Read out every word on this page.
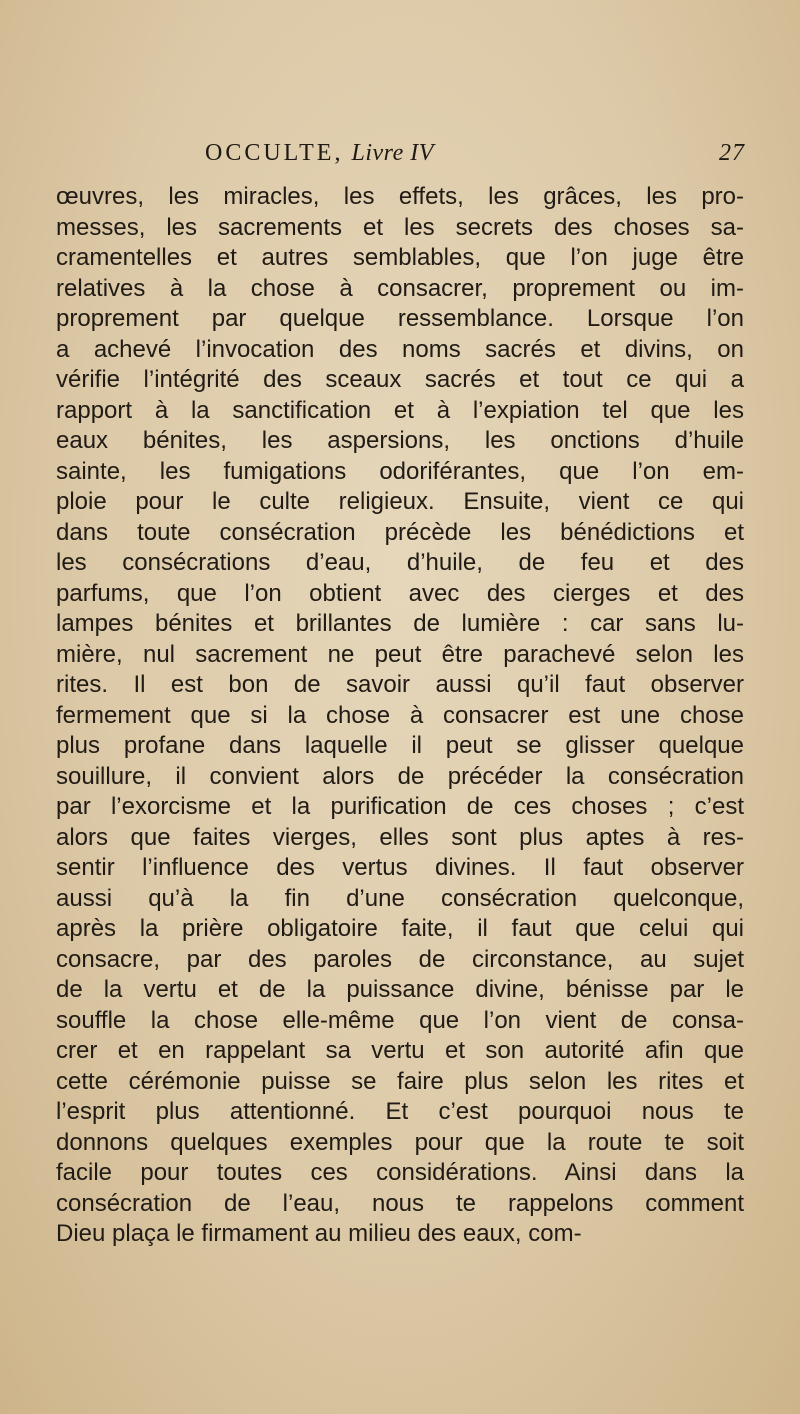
OCCULTE, Livre IV	27
œuvres, les miracles, les effets, les grâces, les pro-
messes, les sacrements et les secrets des choses sa-
cramentelles et autres semblables, que l’on juge être
relatives à la chose à consacrer, proprement ou im-
proprement par quelque ressemblance. Lorsque l’on
a achevé l’invocation des noms sacrés et divins, on
vérifie l’intégrité des sceaux sacrés et tout ce qui a
rapport à la sanctification et à l’expiation tel que les
eaux bénites, les aspersions, les onctions d’huile
sainte, les fumigations odoriférantes, que l’on em-
ploie pour le culte religieux. Ensuite, vient ce qui
dans toute consécration précède les bénédictions et
les consécrations d’eau, d’huile, de feu et des
parfums, que l’on obtient avec des cierges et des
lampes bénites et brillantes de lumière : car sans lu-
mière, nul sacrement ne peut être parachevé selon les
rites. Il est bon de savoir aussi qu’il faut observer
fermement que si la chose à consacrer est une chose
plus profane dans laquelle il peut se glisser quelque
souillure, il convient alors de précéder la consécration
par l’exorcisme et la purification de ces choses ; c’est
alors que faites vierges, elles sont plus aptes à res-
sentir l’influence des vertus divines. Il faut observer
aussi qu’à la fin d’une consécration quelconque,
après la prière obligatoire faite, il faut que celui qui
consacre, par des paroles de circonstance, au sujet
de la vertu et de la puissance divine, bénisse par le
souffle la chose elle-même que l’on vient de consa-
crer et en rappelant sa vertu et son autorité afin que
cette cérémonie puisse se faire plus selon les rites et
l’esprit plus attentionné. Et c’est pourquoi nous te
donnons quelques exemples pour que la route te soit
facile pour toutes ces considérations. Ainsi dans la
consécration de l’eau, nous te rappelons comment
Dieu plaça le firmament au milieu des eaux, com-
